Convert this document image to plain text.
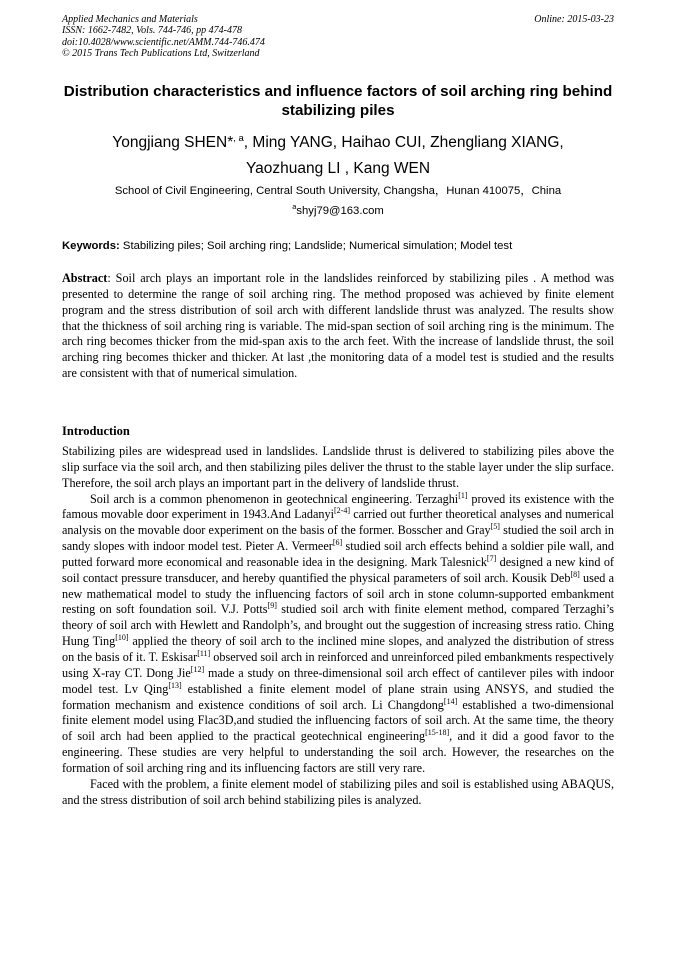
Applied Mechanics and Materials
ISSN: 1662-7482, Vols. 744-746, pp 474-478
doi:10.4028/www.scientific.net/AMM.744-746.474
© 2015 Trans Tech Publications Ltd, Switzerland
Online: 2015-03-23
Distribution characteristics and influence factors of soil arching ring behind stabilizing piles
Yongjiang SHEN*$^{, a}$, Ming YANG, Haihao CUI, Zhengliang XIANG,
Yaozhuang LI , Kang WEN
School of Civil Engineering, Central South University, Changsha，Hunan 410075，China
$^a$shyj79@163.com
Keywords: Stabilizing piles; Soil arching ring; Landslide; Numerical simulation; Model test
Abstract: Soil arch plays an important role in the landslides reinforced by stabilizing piles . A method was presented to determine the range of soil arching ring. The method proposed was achieved by finite element program and the stress distribution of soil arch with different landslide thrust was analyzed. The results show that the thickness of soil arching ring is variable. The mid-span section of soil arching ring is the minimum. The arch ring becomes thicker from the mid-span axis to the arch feet. With the increase of landslide thrust, the soil arching ring becomes thicker and thicker. At last ,the monitoring data of a model test is studied and the results are consistent with that of numerical simulation.
Introduction

Stabilizing piles are widespread used in landslides. Landslide thrust is delivered to stabilizing piles above the slip surface via the soil arch, and then stabilizing piles deliver the thrust to the stable layer under the slip surface. Therefore, the soil arch plays an important part in the delivery of landslide thrust.

Soil arch is a common phenomenon in geotechnical engineering. Terzaghi[1] proved its existence with the famous movable door experiment in 1943.And Ladanyi[2-4] carried out further theoretical analyses and numerical analysis on the movable door experiment on the basis of the former. Bosscher and Gray[5] studied the soil arch in sandy slopes with indoor model test. Pieter A. Vermeer[6] studied soil arch effects behind a soldier pile wall, and putted forward more economical and reasonable idea in the designing. Mark Talesnick[7] designed a new kind of soil contact pressure transducer, and hereby quantified the physical parameters of soil arch. Kousik Deb[8] used a new mathematical model to study the influencing factors of soil arch in stone column-supported embankment resting on soft foundation soil. V.J. Potts[9] studied soil arch with finite element method, compared Terzaghi’s theory of soil arch with Hewlett and Randolph’s, and brought out the suggestion of increasing stress ratio. Ching Hung Ting[10] applied the theory of soil arch to the inclined mine slopes, and analyzed the distribution of stress on the basis of it. T. Eskisar[11] observed soil arch in reinforced and unreinforced piled embankments respectively using X-ray CT. Dong Jie[12] made a study on three-dimensional soil arch effect of cantilever piles with indoor model test. Lv Qing[13] established a finite element model of plane strain using ANSYS, and studied the formation mechanism and existence conditions of soil arch. Li Changdong[14] established a two-dimensional finite element model using Flac3D,and studied the influencing factors of soil arch. At the same time, the theory of soil arch had been applied to the practical geotechnical engineering[15-18], and it did a good favor to the engineering. These studies are very helpful to understanding the soil arch. However, the researches on the formation of soil arching ring and its influencing factors are still very rare.

Faced with the problem, a finite element model of stabilizing piles and soil is established using ABAQUS, and the stress distribution of soil arch behind stabilizing piles is analyzed.
